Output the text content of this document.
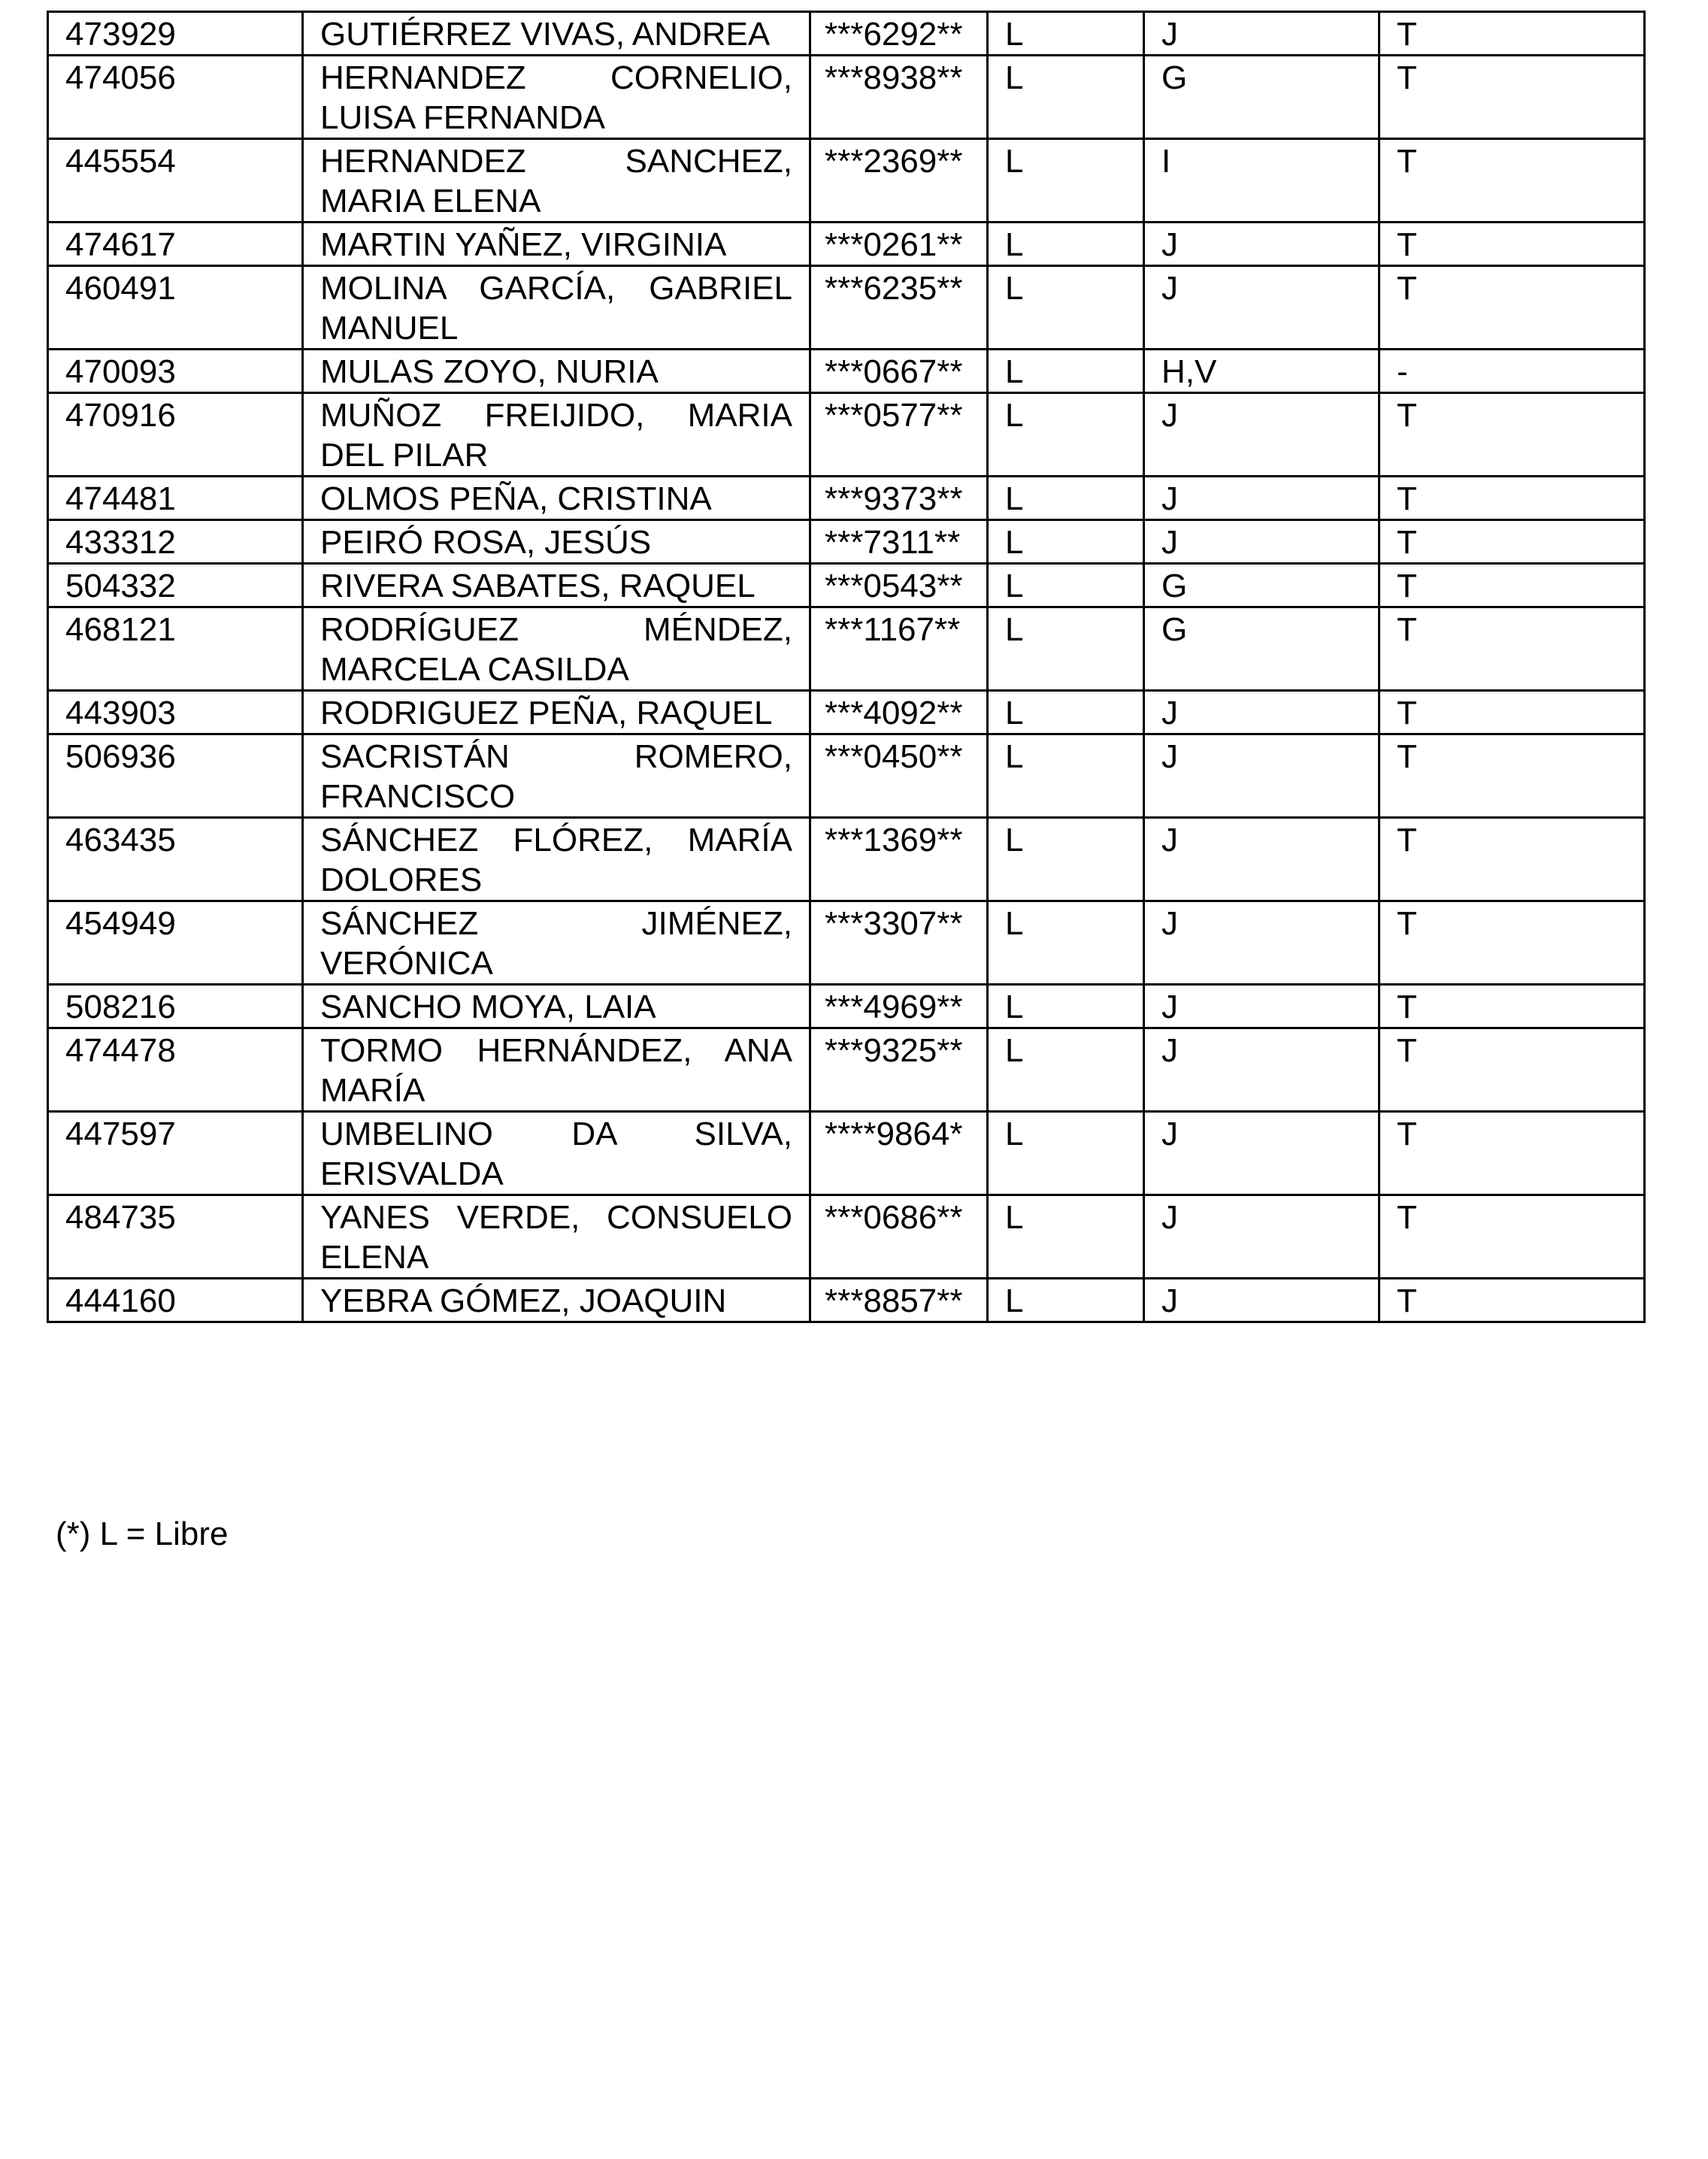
473929	GUTIÉRREZ VIVAS, ANDREA	***6292**	L	J	T
474056	HERNANDEZ CORNELIO, LUISA FERNANDA	***8938**	L	G	T
445554	HERNANDEZ SANCHEZ, MARIA ELENA	***2369**	L	I	T
474617	MARTIN YAÑEZ, VIRGINIA	***0261**	L	J	T
460491	MOLINA GARCÍA, GABRIEL MANUEL	***6235**	L	J	T
470093	MULAS ZOYO, NURIA	***0667**	L	H,V	-
470916	MUÑOZ FREIJIDO, MARIA DEL PILAR	***0577**	L	J	T
474481	OLMOS PEÑA, CRISTINA	***9373**	L	J	T
433312	PEIRÓ ROSA, JESÚS	***7311**	L	J	T
504332	RIVERA SABATES, RAQUEL	***0543**	L	G	T
468121	RODRÍGUEZ MÉNDEZ, MARCELA CASILDA	***1167**	L	G	T
443903	RODRIGUEZ PEÑA, RAQUEL	***4092**	L	J	T
506936	SACRISTÁN ROMERO, FRANCISCO	***0450**	L	J	T
463435	SÁNCHEZ FLÓREZ, MARÍA DOLORES	***1369**	L	J	T
454949	SÁNCHEZ JIMÉNEZ, VERÓNICA	***3307**	L	J	T
508216	SANCHO MOYA, LAIA	***4969**	L	J	T
474478	TORMO HERNÁNDEZ, ANA MARÍA	***9325**	L	J	T
447597	UMBELINO DA SILVA, ERISVALDA	****9864*	L	J	T
484735	YANES VERDE, CONSUELO ELENA	***0686**	L	J	T
444160	YEBRA GÓMEZ, JOAQUIN	***8857**	L	J	T

(*) L = Libre
